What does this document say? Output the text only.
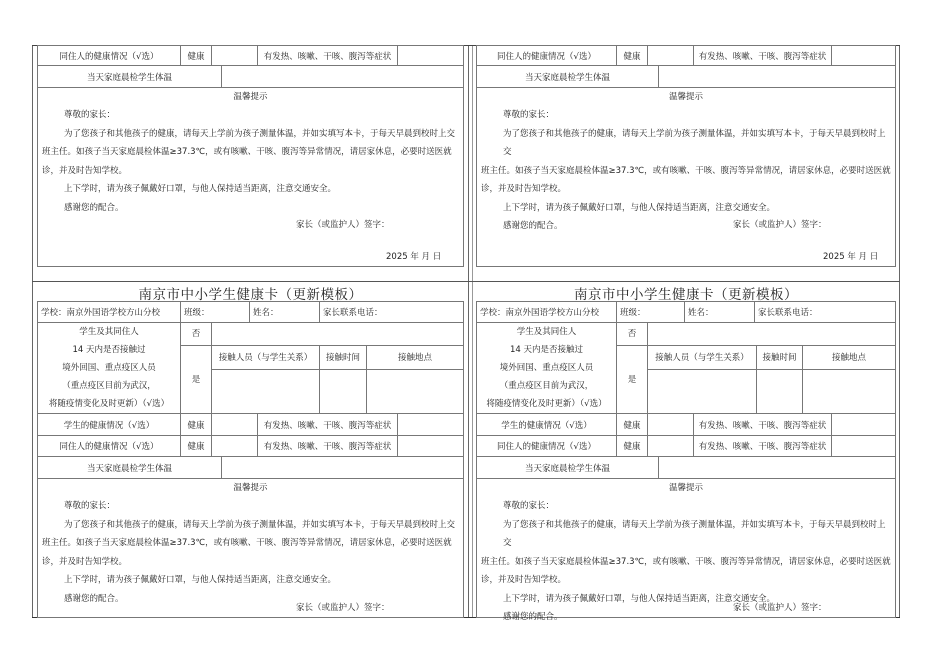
同住人的健康情况（√选）	健康		有发热、咳嗽、干咳、腹泻等症状	
当天家庭晨检学生体温	
温馨提示

尊敬的家长：

为了您孩子和其他孩子的健康，请每天上学前为孩子测量体温，并如实填写本卡，于每天早晨到校时上交

班主任。如孩子当天家庭晨检体温≥37.3℃，或有咳嗽、干咳、腹泻等异常情况，请居家休息，必要时送医就

诊，并及时告知学校。

上下学时，请为孩子佩戴好口罩，与他人保持适当距离，注意交通安全。

感谢您的配合。

家长（或监护人）签字：
2025 年 月 日
同住人的健康情况（√选）	健康		有发热、咳嗽、干咳、腹泻等症状	
当天家庭晨检学生体温	
温馨提示

尊敬的家长：

为了您孩子和其他孩子的健康，请每天上学前为孩子测量体温，并如实填写本卡，于每天早晨到校时上交

班主任。如孩子当天家庭晨检体温≥37.3℃，或有咳嗽、干咳、腹泻等异常情况，请居家休息，必要时送医就

诊，并及时告知学校。

上下学时，请为孩子佩戴好口罩，与他人保持适当距离，注意交通安全。

感谢您的配合。	家长（或监护人）签字：
2025 年 月 日
南京市中小学生健康卡（更新模板）	南京市中小学生健康卡（更新模板）
学校：南京外国语学校方山分校	班级：	姓名：	家长联系电话：
学生及其同住人
14 天内是否接触过
境外回国、重点疫区人员
（重点疫区目前为武汉，
将随疫情变化及时更新）（√选）	否			
	是	接触人员（与学生关系）	接触时间	接触地点

学生的健康情况（√选）	健康		有发热、咳嗽、干咳、腹泻等症状	
同住人的健康情况（√选）	健康		有发热、咳嗽、干咳、腹泻等症状	
当天家庭晨检学生体温	
温馨提示

尊敬的家长：

为了您孩子和其他孩子的健康，请每天上学前为孩子测量体温，并如实填写本卡，于每天早晨到校时上交

班主任。如孩子当天家庭晨检体温≥37.3℃，或有咳嗽、干咳、腹泻等异常情况，请居家休息，必要时送医就

诊，并及时告知学校。

上下学时，请为孩子佩戴好口罩，与他人保持适当距离，注意交通安全。

感谢您的配合。

家长（或监护人）签字：
学校：南京外国语学校方山分校	班级：	姓名：	家长联系电话：
学生及其同住人
14 天内是否接触过
境外回国、重点疫区人员
（重点疫区目前为武汉，
将随疫情变化及时更新）（√选）	否			
	是	接触人员（与学生关系）	接触时间	接触地点

学生的健康情况（√选）	健康		有发热、咳嗽、干咳、腹泻等症状	
同住人的健康情况（√选）	健康		有发热、咳嗽、干咳、腹泻等症状	
当天家庭晨检学生体温	
温馨提示

尊敬的家长：

为了您孩子和其他孩子的健康，请每天上学前为孩子测量体温，并如实填写本卡，于每天早晨到校时上交

班主任。如孩子当天家庭晨检体温≥37.3℃，或有咳嗽、干咳、腹泻等异常情况，请居家休息，必要时送医就

诊，并及时告知学校。

上下学时，请为孩子佩戴好口罩，与他人保持适当距离，注意交通安全。

感谢您的配合。

家长（或监护人）签字：
